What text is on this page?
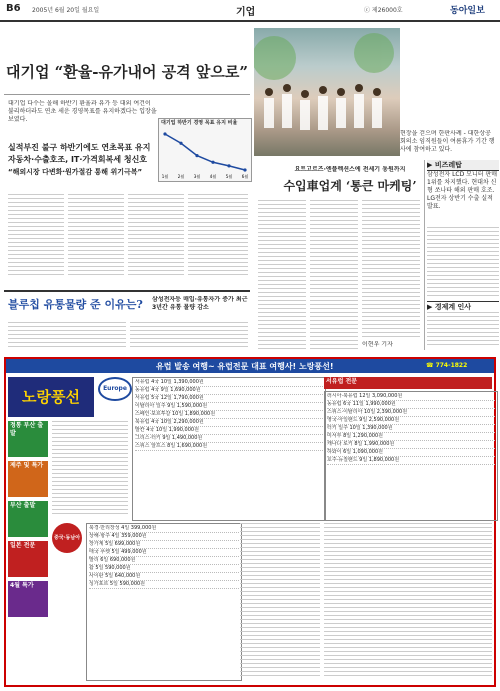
B6 2005년 6월 20일 월요일	기업	ⓒ 제26000호	동아일보
대기업 “환율-유가내어 공격 앞으로”
대기업 다수는 올해 하반기 환율과 유가 등 대외 여건이 불리하더라도 연초 세운 경영목표를 유지하겠다는 입장을 보였다.
실적부진 불구 하반기에도 연초목표 유지
자동차·수출호조, IT·가격회복세 청신호
“해외시장 다변화·원가절감 통해 위기극복”
대기업 하반기 경영 목표 유지 비율
1월 2월 3월 4월 5월 6월
블루칩 유통물량 준 이유는?	삼성전자등 매입·유통자가 증가 최근 3년간 유통 물량 감소
현장을 걷으며 한판사례 - 대한상공회의소 임직원들이 여름휴가 기간 행사에 참여하고 있다.
요트고르즈·엔플렉션스에 전세기 동원까지
수입車업계 ‘통큰 마케팅’
이현우 기자
▶ 비즈레탑
삼성전자 LCD 모니터 판매 1위를 차지했다. 현대차 신형 쏘나타 해외 판매 호조. LG전자 상반기 수출 실적 발표.
▶ 경제계 인사
유럽 발송 여행~ 유럽전문 대표 여행사! 노랑풍선!	☎ 774-1822
노랑풍선
정통 부산 출발
제주 및 특가
부산 출발
일본 전문
4월 특가
Europe
서유럽 4국 10일 1,390,000원
동유럽 4국 9일 1,690,000원
서유럽 5국 12일 1,790,000원
이탈리아 일주 9일 1,590,000원
스페인·포르투갈 10일 1,890,000원
북유럽 4국 10일 2,290,000원
발칸 4국 10일 1,990,000원
그리스·터키 9일 1,490,000원
스위스 알프스 8일 1,690,000원
서유럽 전문
러시아·북유럽 12일 3,090,000원
동유럽 6국 11일 1,990,000원
스위스·이탈리아 10일 2,390,000원
영국·아일랜드 9일 2,590,000원
터키 일주 10일 1,390,000원
미서부 8일 1,290,000원
캐나다 로키 8일 1,990,000원
하와이 6일 1,090,000원
호주·뉴질랜드 9일 1,890,000원
중국·동남아
북경·만리장성 4일 399,000원
상해·항주 4일 359,000원
장가계 5일 699,000원
태국 푸켓 5일 499,000원
발리 6일 690,000원
괌 5일 590,000원
사이판 5일 640,000원
싱가포르 5일 590,000원
